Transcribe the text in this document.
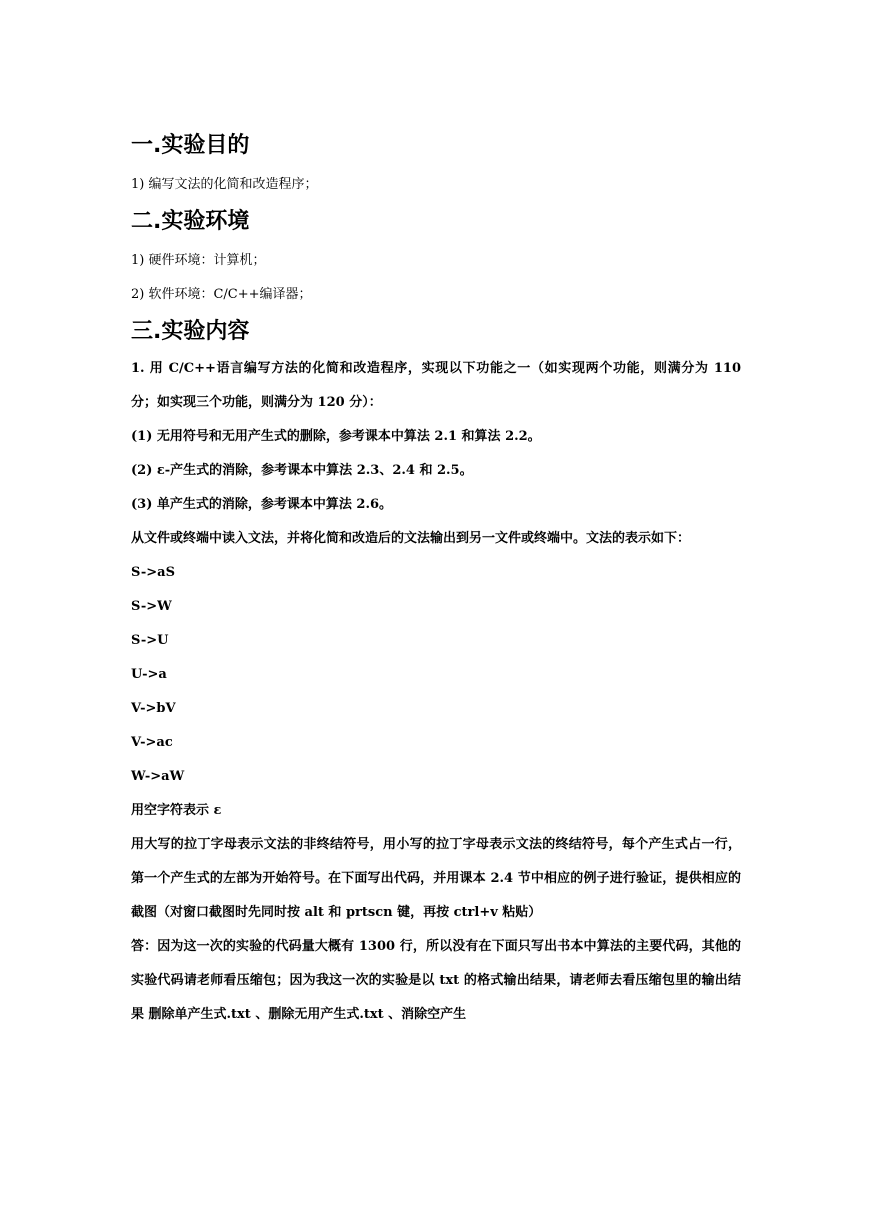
一.实验目的

1) 编写文法的化简和改造程序；

二.实验环境

1) 硬件环境：计算机；

2) 软件环境：C/C++编译器；

三.实验内容

1. 用 C/C++语言编写方法的化简和改造程序，实现以下功能之一（如实现两个功能，则满分为 110 分；如实现三个功能，则满分为 120 分）：

(1) 无用符号和无用产生式的删除，参考课本中算法 2.1 和算法 2.2。

(2) ε-产生式的消除，参考课本中算法 2.3、2.4 和 2.5。

(3) 单产生式的消除，参考课本中算法 2.6。

从文件或终端中读入文法，并将化简和改造后的文法输出到另一文件或终端中。文法的表示如下：

S->aS
S->W
S->U
U->a
V->bV
V->ac
W->aW

用空字符表示 ε

用大写的拉丁字母表示文法的非终结符号，用小写的拉丁字母表示文法的终结符号，每个产生式占一行，第一个产生式的左部为开始符号。在下面写出代码，并用课本 2.4 节中相应的例子进行验证，提供相应的截图（对窗口截图时先同时按 alt 和 prtscn 键，再按 ctrl+v 粘贴）

答：因为这一次的实验的代码量大概有 1300 行，所以没有在下面只写出书本中算法的主要代码，其他的实验代码请老师看压缩包；因为我这一次的实验是以 txt 的格式输出结果，请老师去看压缩包里的输出结果 删除单产生式.txt 、删除无用产生式.txt 、消除空产生
